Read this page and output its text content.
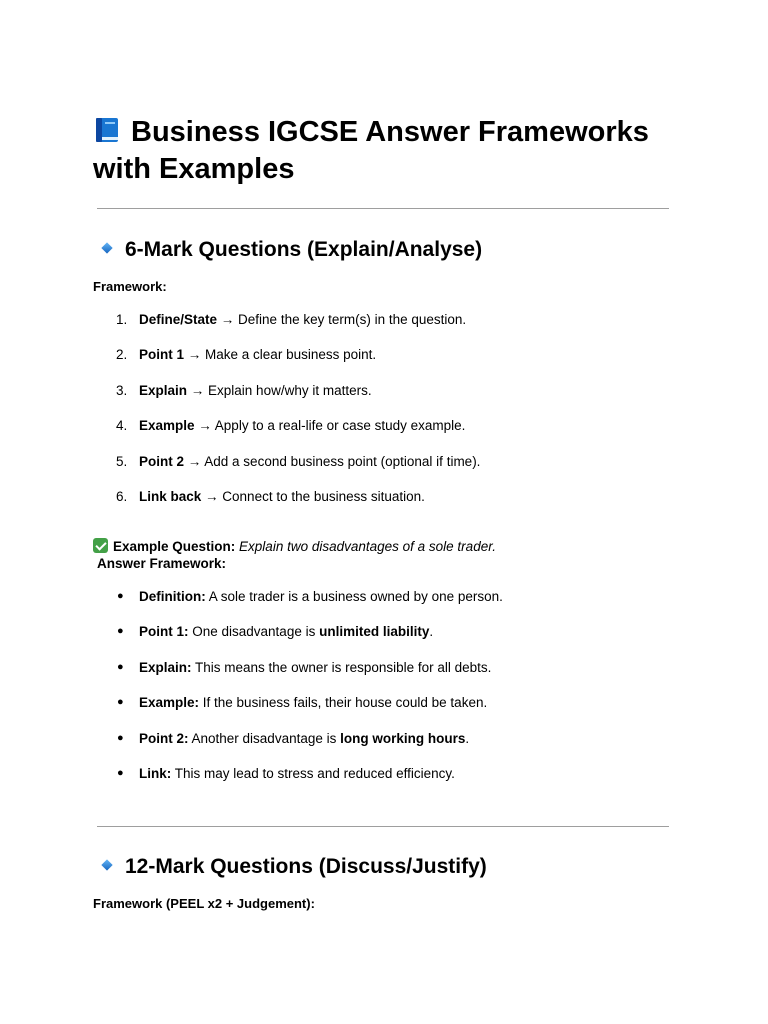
Business IGCSE Answer Frameworks with Examples
6-Mark Questions (Explain/Analyse)

Framework:

1. Define/State → Define the key term(s) in the question.
2. Point 1 → Make a clear business point.
3. Explain → Explain how/why it matters.
4. Example → Apply to a real-life or case study example.
5. Point 2 → Add a second business point (optional if time).
6. Link back → Connect to the business situation.
Example Question: Explain two disadvantages of a sole trader.
Answer Framework:
● Definition: A sole trader is a business owned by one person.
● Point 1: One disadvantage is unlimited liability.
● Explain: This means the owner is responsible for all debts.
● Example: If the business fails, their house could be taken.
● Point 2: Another disadvantage is long working hours.
● Link: This may lead to stress and reduced efficiency.
12-Mark Questions (Discuss/Justify)

Framework (PEEL x2 + Judgement):
